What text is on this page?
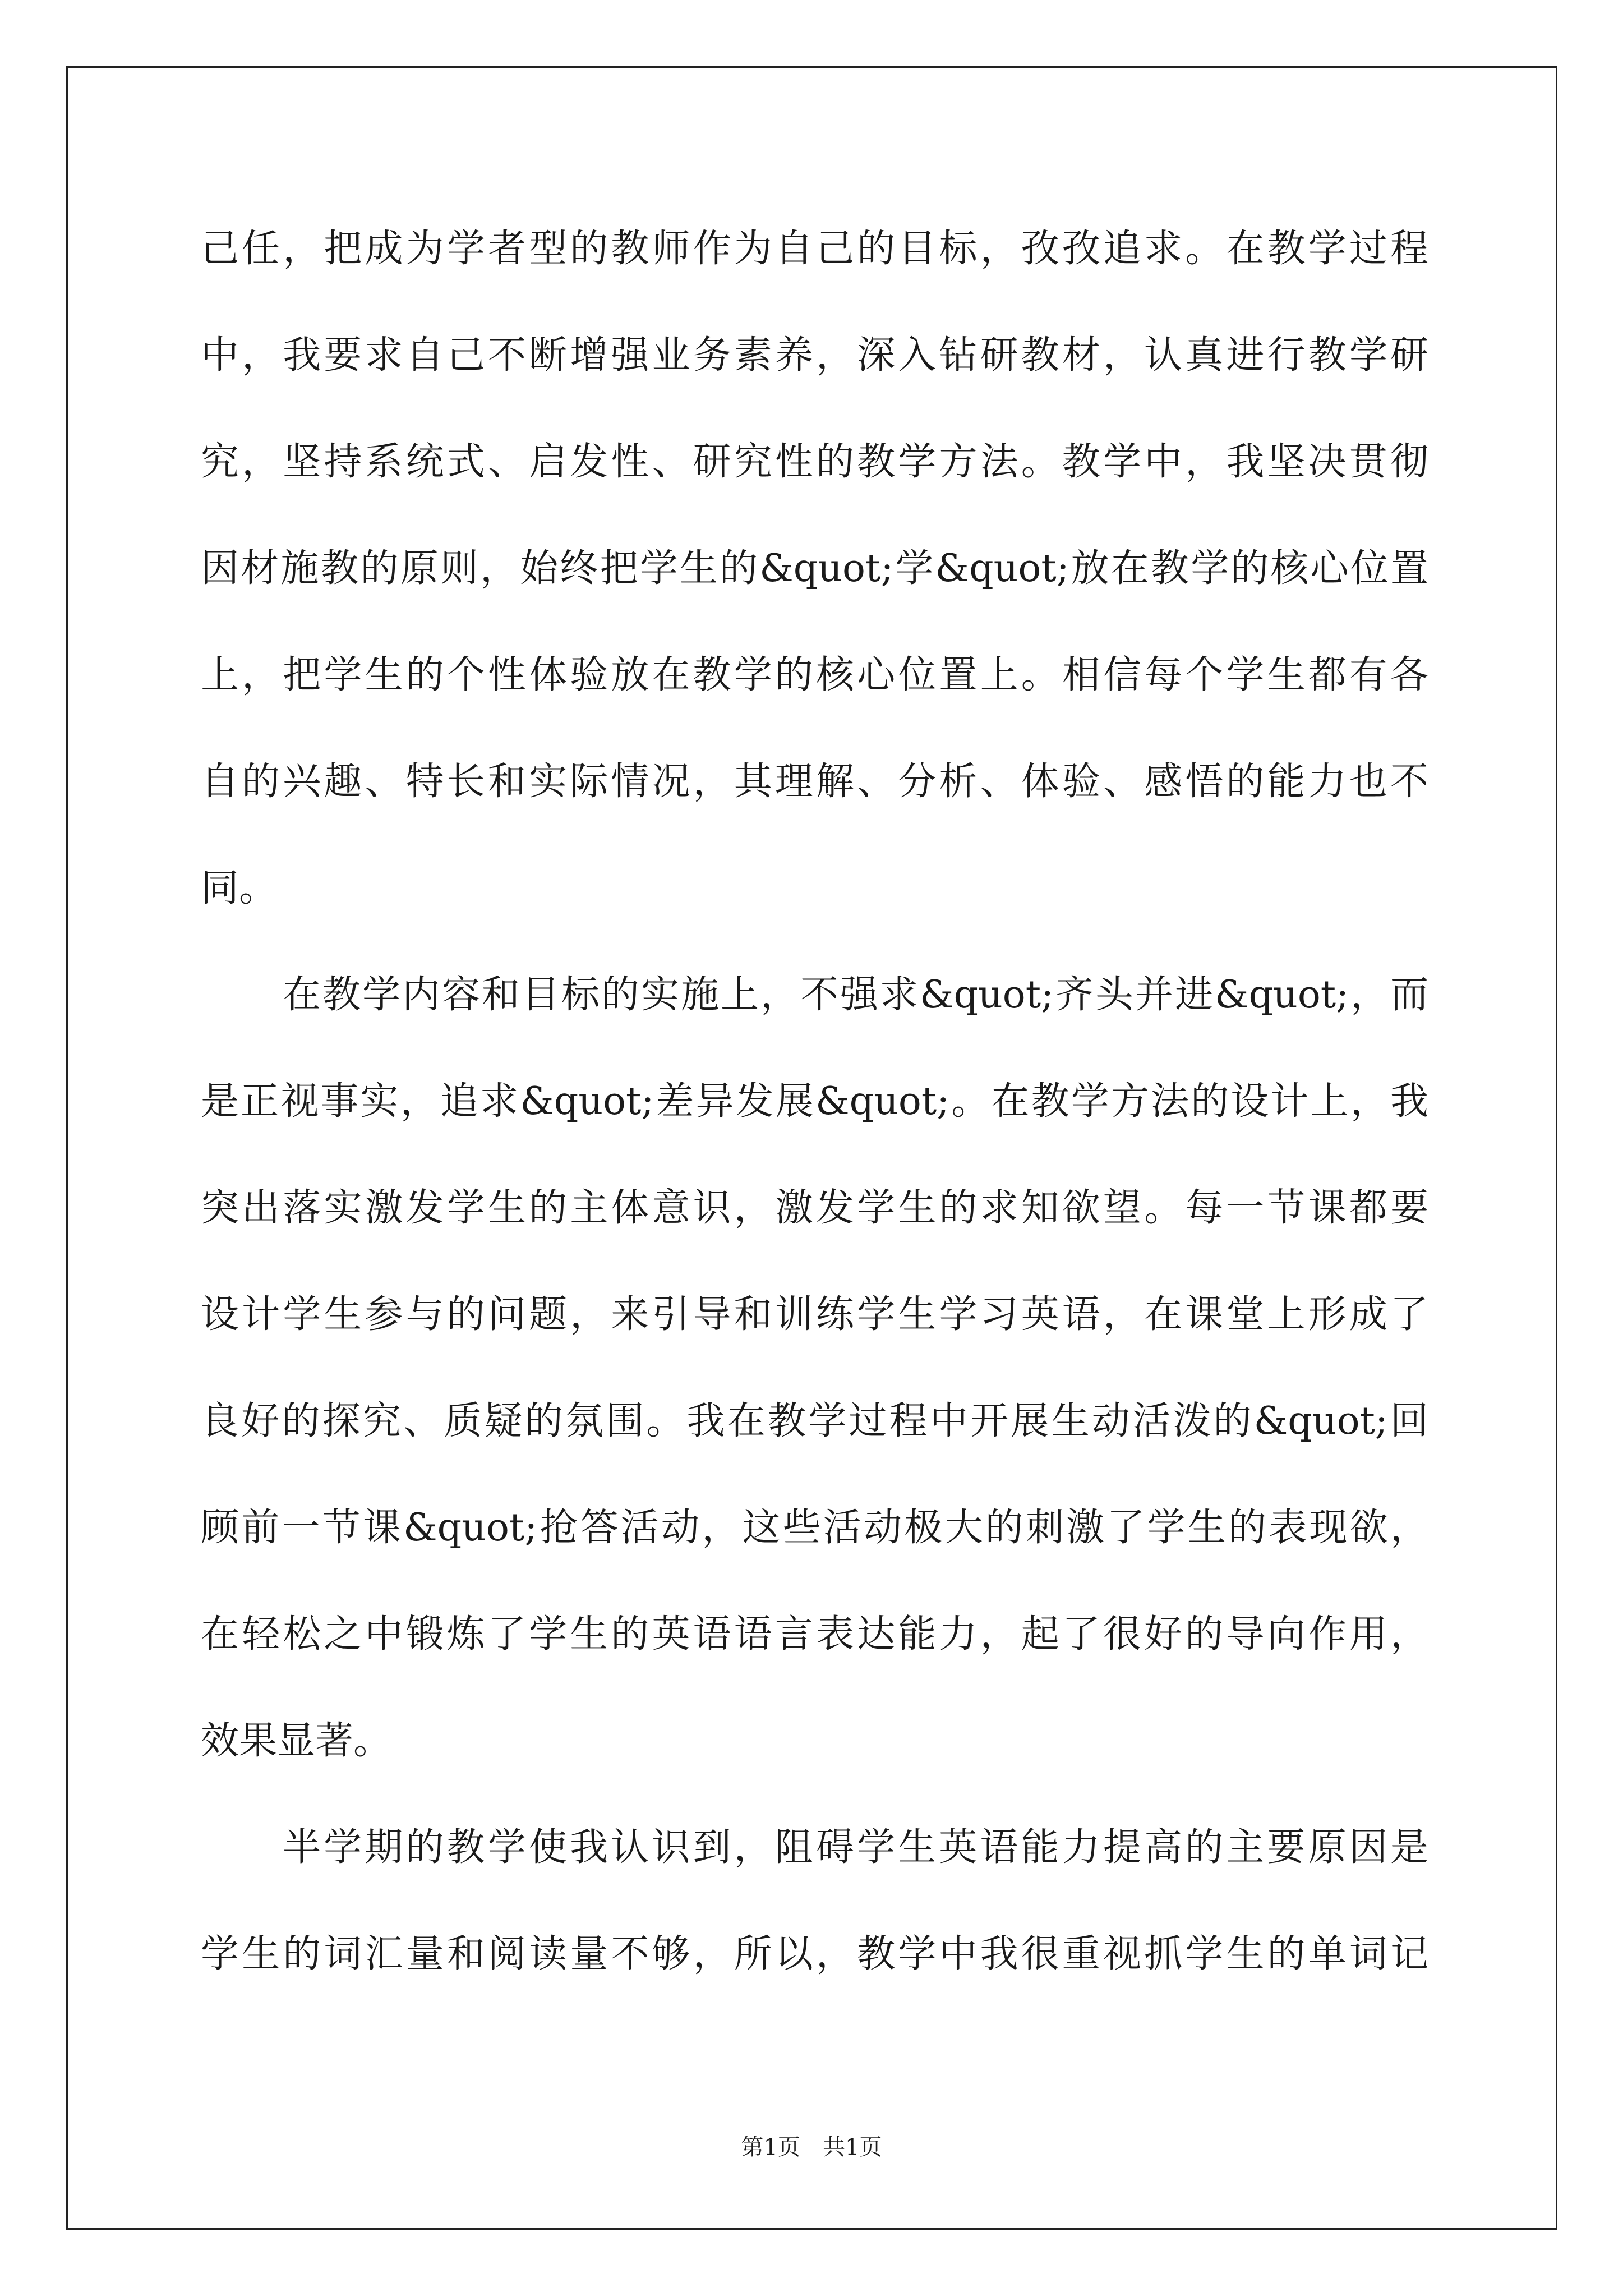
己任，把成为学者型的教师作为自己的目标，孜孜追求。在教学过程
中，我要求自己不断增强业务素养，深入钻研教材，认真进行教学研
究，坚持系统式、启发性、研究性的教学方法。教学中，我坚决贯彻
因材施教的原则，始终把学生的&quot;学&quot;放在教学的核心位置
上，把学生的个性体验放在教学的核心位置上。相信每个学生都有各
自的兴趣、特长和实际情况，其理解、分析、体验、感悟的能力也不
同。
在教学内容和目标的实施上，不强求&quot;齐头并进&quot;，而
是正视事实，追求&quot;差异发展&quot;。在教学方法的设计上，我
突出落实激发学生的主体意识，激发学生的求知欲望。每一节课都要
设计学生参与的问题，来引导和训练学生学习英语，在课堂上形成了
良好的探究、质疑的氛围。我在教学过程中开展生动活泼的&quot;回
顾前一节课&quot;抢答活动，这些活动极大的刺激了学生的表现欲，
在轻松之中锻炼了学生的英语语言表达能力，起了很好的导向作用，
效果显著。
半学期的教学使我认识到，阻碍学生英语能力提高的主要原因是
学生的词汇量和阅读量不够，所以，教学中我很重视抓学生的单词记
第1页　共1页
